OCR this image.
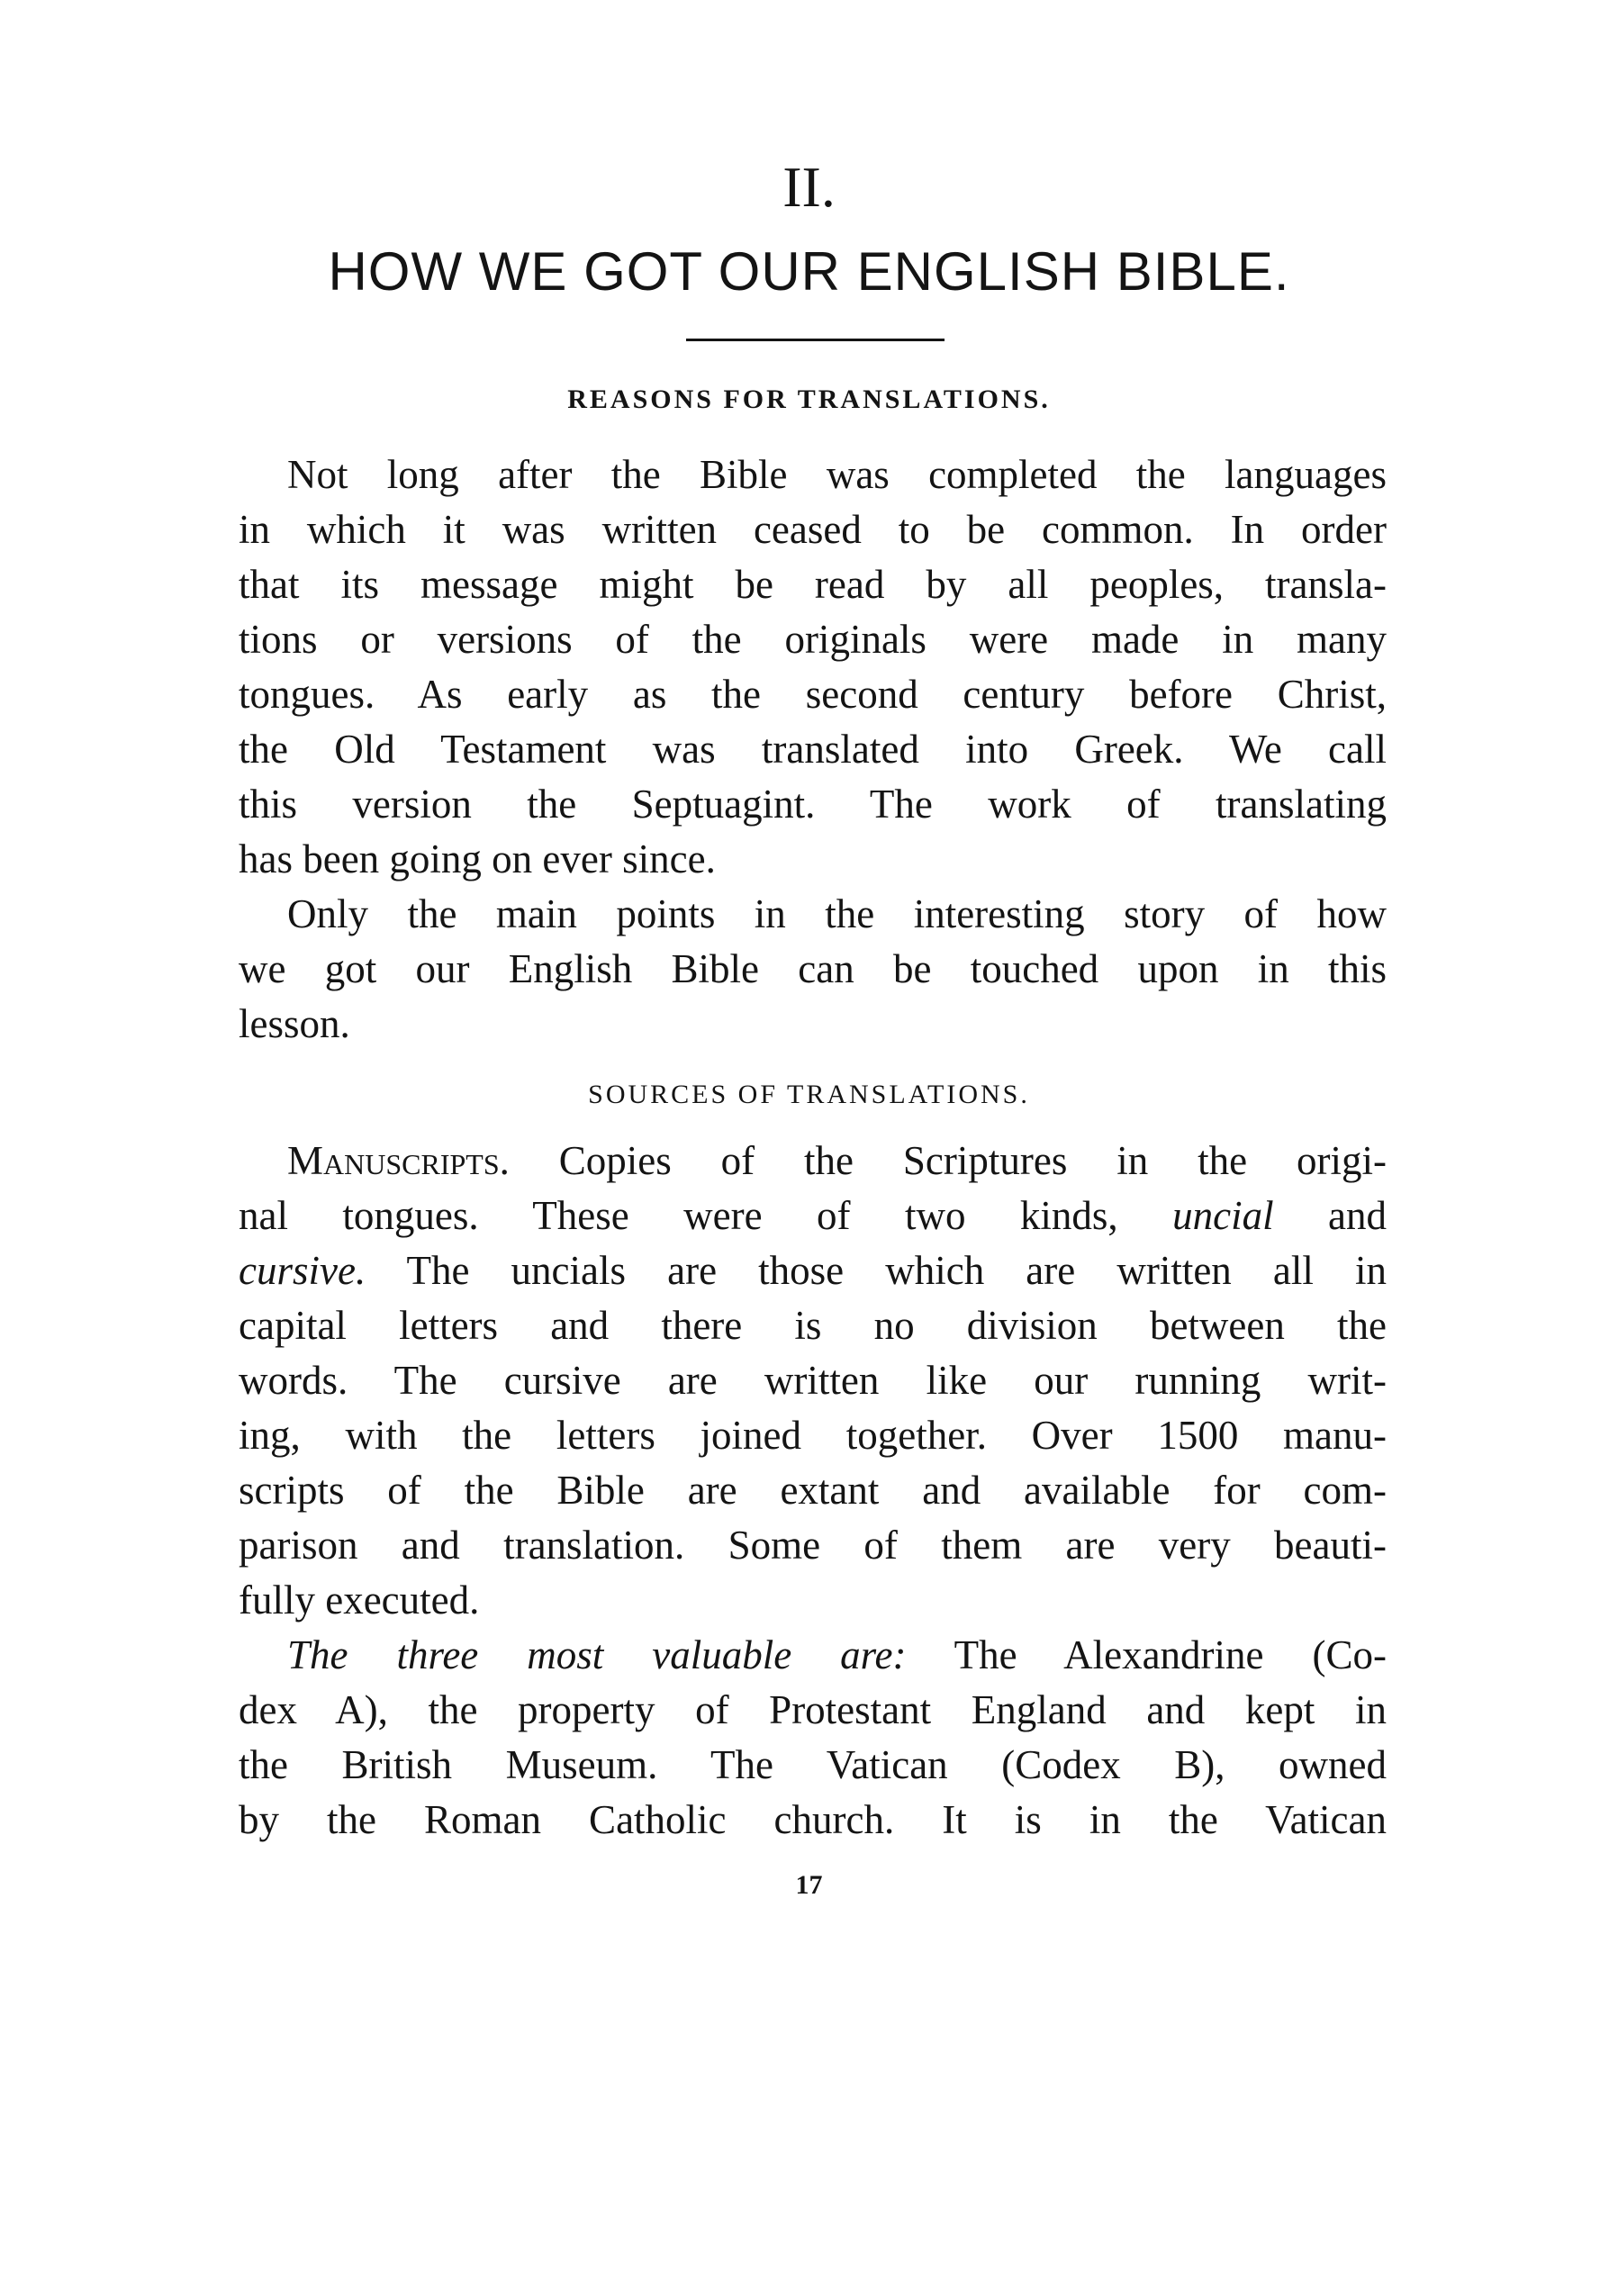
II.
HOW WE GOT OUR ENGLISH BIBLE.
REASONS FOR TRANSLATIONS.
Not long after the Bible was completed the languages
in which it was written ceased to be common. In order
that its message might be read by all peoples, transla-
tions or versions of the originals were made in many
tongues. As early as the second century before Christ,
the Old Testament was translated into Greek. We call
this version the Septuagint. The work of translating
has been going on ever since.
Only the main points in the interesting story of how
we got our English Bible can be touched upon in this
lesson.
SOURCES OF TRANSLATIONS.
Manuscripts. Copies of the Scriptures in the origi-
nal tongues. These were of two kinds, uncial and
cursive. The uncials are those which are written all in
capital letters and there is no division between the
words. The cursive are written like our running writ-
ing, with the letters joined together. Over 1500 manu-
scripts of the Bible are extant and available for com-
parison and translation. Some of them are very beauti-
fully executed.
The three most valuable are: The Alexandrine (Co-
dex A), the property of Protestant England and kept in
the British Museum. The Vatican (Codex B), owned
by the Roman Catholic church. It is in the Vatican
17
